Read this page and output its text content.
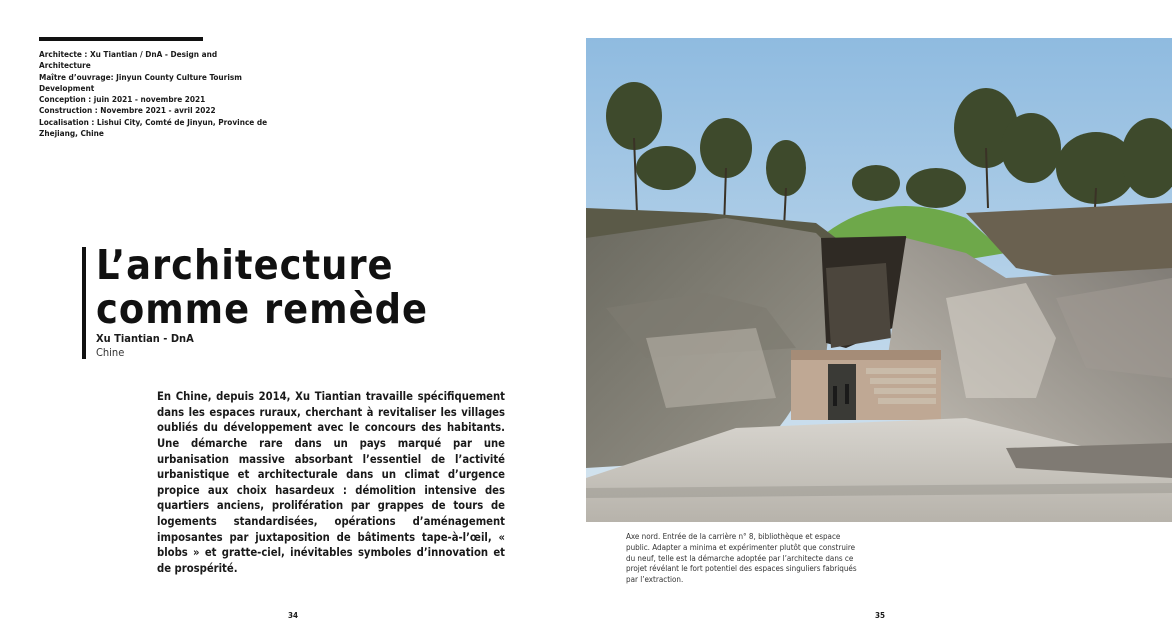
Architecte : Xu Tiantian / DnA - Design and Architecture
Maître d’ouvrage: Jinyun County Culture Tourism Development
Conception : juin 2021 - novembre 2021
Construction : Novembre 2021 - avril 2022
Localisation : Lishui City, Comté de Jinyun, Province de Zhejiang, Chine
L’architecture
comme remède
Xu Tiantian - DnA
Chine

En Chine, depuis 2014, Xu Tiantian travaille spécifiquement dans les espaces ruraux, cherchant à revitaliser les villages oubliés du développement avec le concours des habitants. Une démarche rare dans un pays marqué par une urbanisation massive absorbant l’essentiel de l’activité urbanistique et architecturale dans un climat d’urgence propice aux choix hasardeux : démolition intensive des quartiers anciens, prolifération par grappes de tours de logements standardisées, opérations d’aménagement imposantes par juxtaposition de bâtiments tape-à-l’œil, « blobs » et gratte-ciel, inévitables symboles d’innovation et de prospérité.

Axe nord. Entrée de la carrière n° 8, bibliothèque et espace public. Adapter a minima et expérimenter plutôt que construire du neuf, telle est la démarche adoptée par l’architecte dans ce projet révélant le fort potentiel des espaces singuliers fabriqués par l’extraction.
34	35
